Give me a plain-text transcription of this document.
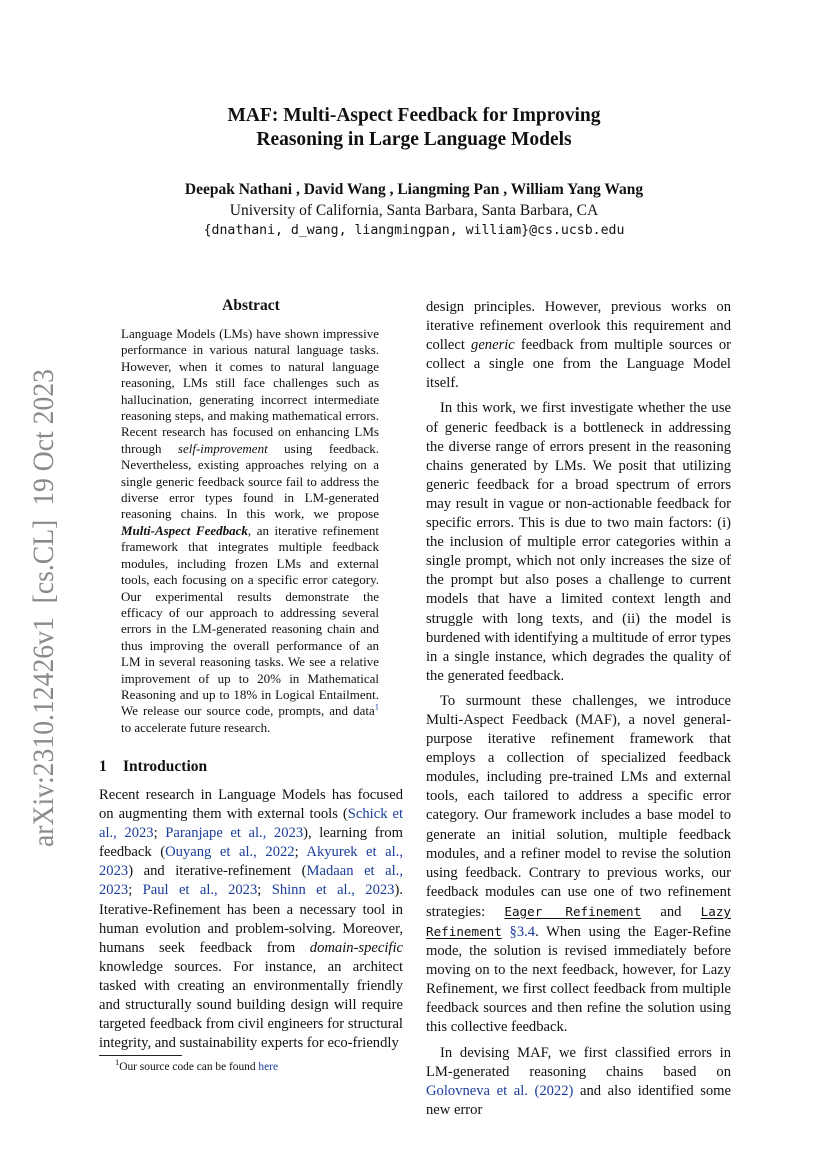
arXiv:2310.12426v1  [cs.CL]  19 Oct 2023
MAF: Multi-Aspect Feedback for Improving
Reasoning in Large Language Models
Deepak Nathani , David Wang , Liangming Pan , William Yang Wang
University of California, Santa Barbara, Santa Barbara, CA
{dnathani, d_wang, liangmingpan, william}@cs.ucsb.edu
Abstract

Language Models (LMs) have shown impressive performance in various natural language tasks. However, when it comes to natural language reasoning, LMs still face challenges such as hallucination, generating incorrect intermediate reasoning steps, and making mathematical errors. Recent research has focused on enhancing LMs through self-improvement using feedback. Nevertheless, existing approaches relying on a single generic feedback source fail to address the diverse error types found in LM-generated reasoning chains. In this work, we propose Multi-Aspect Feedback, an iterative refinement framework that integrates multiple feedback modules, including frozen LMs and external tools, each focusing on a specific error category. Our experimental results demonstrate the efficacy of our approach to addressing several errors in the LM-generated reasoning chain and thus improving the overall performance of an LM in several reasoning tasks. We see a relative improvement of up to 20% in Mathematical Reasoning and up to 18% in Logical Entailment. We release our source code, prompts, and data$^1$ to accelerate future research.

1 Introduction

Recent research in Language Models has focused on augmenting them with external tools (Schick et al., 2023; Paranjape et al., 2023), learning from feedback (Ouyang et al., 2022; Akyurek et al., 2023) and iterative-refinement (Madaan et al., 2023; Paul et al., 2023; Shinn et al., 2023). Iterative-Refinement has been a necessary tool in human evolution and problem-solving. Moreover, humans seek feedback from domain-specific knowledge sources. For instance, an architect tasked with creating an environmentally friendly and structurally sound building design will require targeted feedback from civil engineers for structural integrity, and sustainability experts for eco-friendly

design principles. However, previous works on iterative refinement overlook this requirement and collect generic feedback from multiple sources or collect a single one from the Language Model itself.

In this work, we first investigate whether the use of generic feedback is a bottleneck in addressing the diverse range of errors present in the reasoning chains generated by LMs. We posit that utilizing generic feedback for a broad spectrum of errors may result in vague or non-actionable feedback for specific errors. This is due to two main factors: (i) the inclusion of multiple error categories within a single prompt, which not only increases the size of the prompt but also poses a challenge to current models that have a limited context length and struggle with long texts, and (ii) the model is burdened with identifying a multitude of error types in a single instance, which degrades the quality of the generated feedback.

To surmount these challenges, we introduce Multi-Aspect Feedback (MAF), a novel general-purpose iterative refinement framework that employs a collection of specialized feedback modules, including pre-trained LMs and external tools, each tailored to address a specific error category. Our framework includes a base model to generate an initial solution, multiple feedback modules, and a refiner model to revise the solution using feedback. Contrary to previous works, our feedback modules can use one of two refinement strategies: Eager Refinement and Lazy Refinement §3.4. When using the Eager-Refine mode, the solution is revised immediately before moving on to the next feedback, however, for Lazy Refinement, we first collect feedback from multiple feedback sources and then refine the solution using this collective feedback.

In devising MAF, we first classified errors in LM-generated reasoning chains based on Golovneva et al. (2022) and also identified some new error

$^1$Our source code can be found here
